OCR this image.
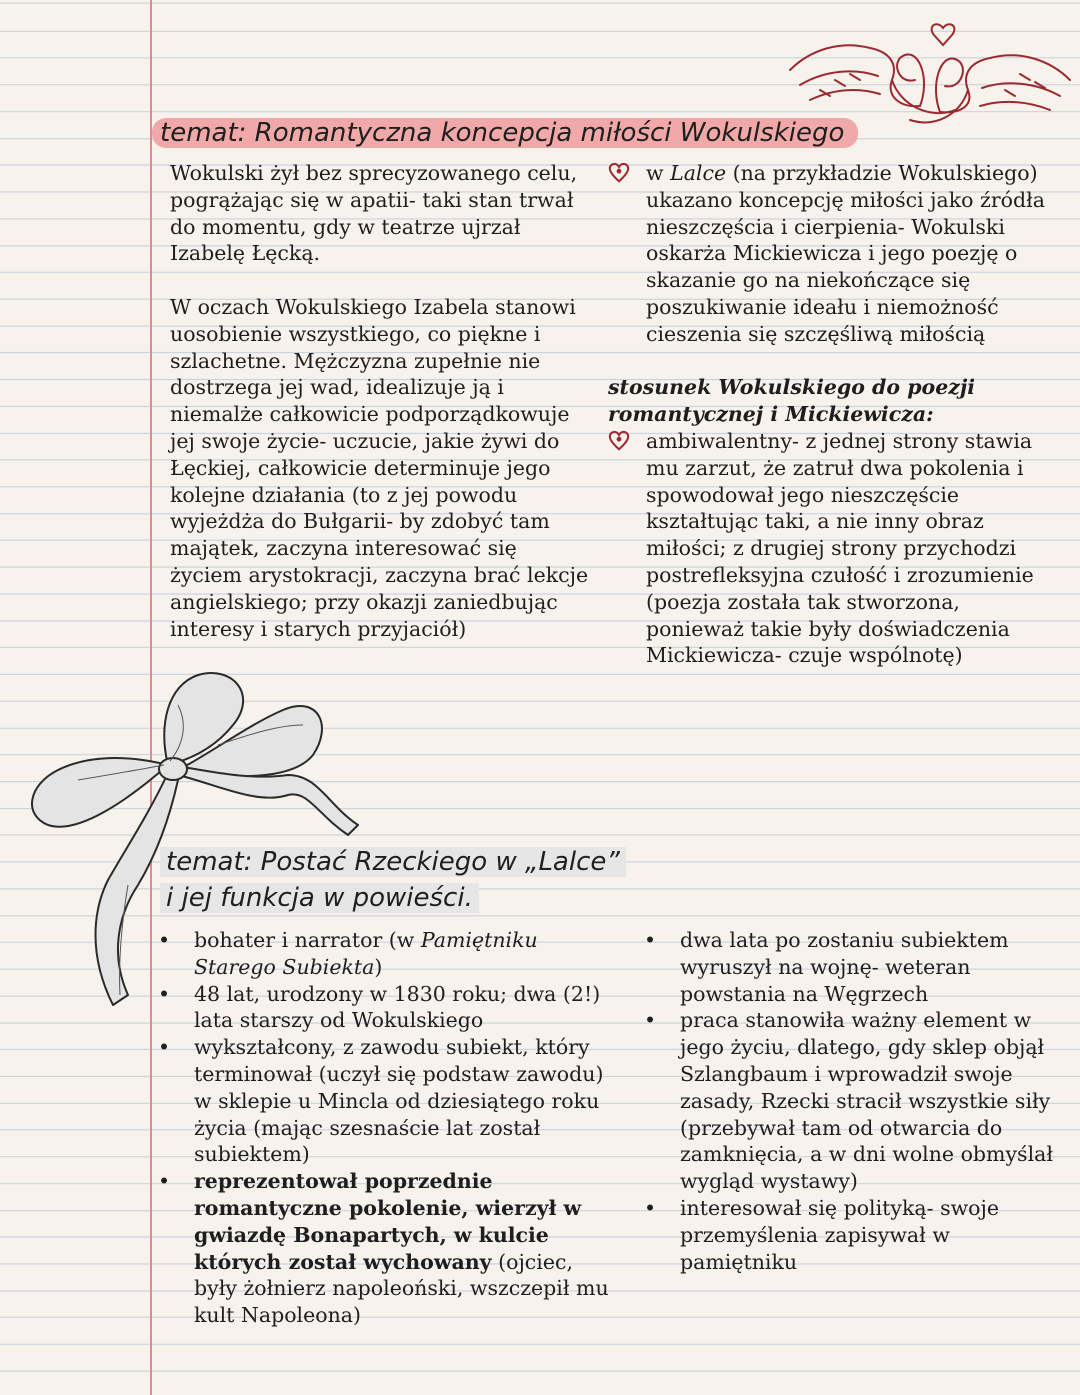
temat: Romantyczna koncepcja miłości Wokulskiego

Wokulski żył bez sprecyzowanego celu, pogrążając się w apatii- taki stan trwał do momentu, gdy w teatrze ujrzał Izabelę Łęcką.

W oczach Wokulskiego Izabela stanowi uosobienie wszystkiego, co piękne i szlachetne. Mężczyzna zupełnie nie dostrzega jej wad, idealizuje ją i niemalże całkowicie podporządkowuje jej swoje życie- uczucie, jakie żywi do Łęckiej, całkowicie determinuje jego kolejne działania (to z jej powodu wyjeżdża do Bułgarii- by zdobyć tam majątek, zaczyna interesować się życiem arystokracji, zaczyna brać lekcje angielskiego; przy okazji zaniedbując interesy i starych przyjaciół)

w Lalce (na przykładzie Wokulskiego) ukazano koncepcję miłości jako źródła nieszczęścia i cierpienia- Wokulski oskarża Mickiewicza i jego poezję o skazanie go na niekończące się poszukiwanie ideału i niemożność cieszenia się szczęśliwą miłością

stosunek Wokulskiego do poezji romantycznej i Mickiewicza:

ambiwalentny- z jednej strony stawia mu zarzut, że zatruł dwa pokolenia i spowodował jego nieszczęście kształtując taki, a nie inny obraz miłości; z drugiej strony przychodzi postrefleksyjna czułość i zrozumienie (poezja została tak stworzona, ponieważ takie były doświadczenia Mickiewicza- czuje wspólnotę)
temat: Postać Rzeckiego w „Lalce”
i jej funkcja w powieści.
• bohater i narrator (w Pamiętniku Starego Subiekta)
• 48 lat, urodzony w 1830 roku; dwa (2!) lata starszy od Wokulskiego
• wykształcony, z zawodu subiekt, który terminował (uczył się podstaw zawodu) w sklepie u Mincla od dziesiątego roku życia (mając szesnaście lat został subiektem)
• reprezentował poprzednie romantyczne pokolenie, wierzył w gwiazdę Bonapartych, w kulcie których został wychowany (ojciec, były żołnierz napoleoński, wszczepił mu kult Napoleona)
• dwa lata po zostaniu subiektem wyruszył na wojnę- weteran powstania na Węgrzech
• praca stanowiła ważny element w jego życiu, dlatego, gdy sklep objął Szlangbaum i wprowadził swoje zasady, Rzecki stracił wszystkie siły (przebywał tam od otwarcia do zamknięcia, a w dni wolne obmyślał wygląd wystawy)
• interesował się polityką- swoje przemyślenia zapisywał w pamiętniku
